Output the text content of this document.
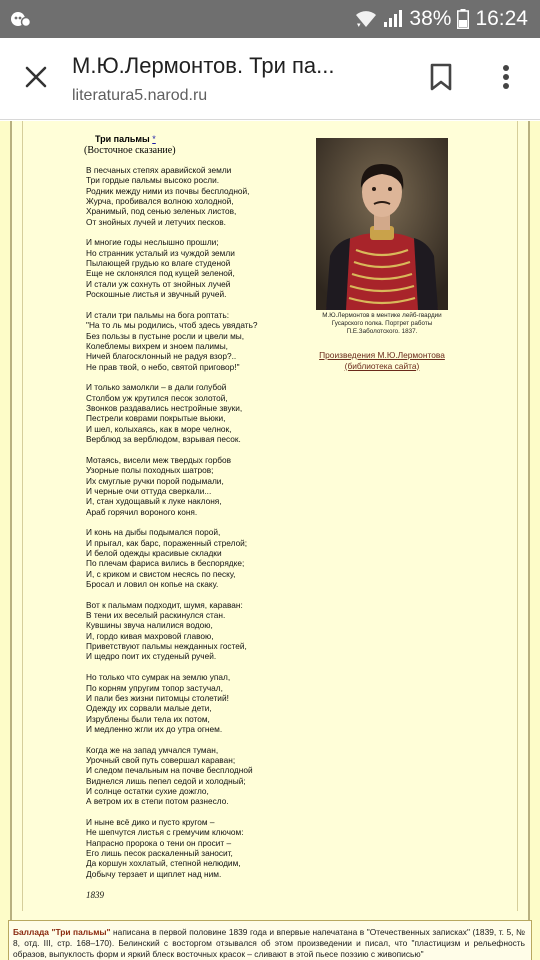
▾ 38% 16:24
М.Ю.Лермонтов. Три па...
literatura5.narod.ru
Три пальмы *
(Восточное сказание)
В песчаных степях аравийской земли
Три гордые пальмы высоко росли.
Родник между ними из почвы бесплодной,
Журча, пробивался волною холодной,
Хранимый, под сенью зеленых листов,
От знойных лучей и летучих песков.
И многие годы неслышно прошли;
Но странник усталый из чуждой земли
Пылающей грудью ко влаге студеной
Еще не склонялся под кущей зеленой,
И стали уж сохнуть от знойных лучей
Роскошные листья и звучный ручей.
И стали три пальмы на бога роптать:
"На то ль мы родились, чтоб здесь увядать?
Без пользы в пустыне росли и цвели мы,
Колеблемы вихрем и зноем палимы,
Ничей благосклонный не радуя взор?..
Не прав твой, о небо, святой приговор!"
И только замолкли – в дали голубой
Столбом уж крутился песок золотой,
Звонков раздавались нестройные звуки,
Пестрели коврами покрытые вьюки,
И шел, колыхаясь, как в море челнок,
Верблюд за верблюдом, взрывая песок.
Мотаясь, висели меж твердых горбов
Узорные полы походных шатров;
Их смуглые ручки порой подымали,
И черные очи оттуда сверкали...
И, стан худощавый к луке наклоня,
Араб горячил вороного коня.
И конь на дыбы подымался порой,
И прыгал, как барс, пораженный стрелой;
И белой одежды красивые складки
По плечам фариса вились в беспорядке;
И, с криком и свистом несясь по песку,
Бросал и ловил он копье на скаку.
Вот к пальмам подходит, шумя, караван:
В тени их веселый раскинулся стан.
Кувшины звуча налилися водою,
И, гордо кивая махровой главою,
Приветствуют пальмы нежданных гостей,
И щедро поит их студеный ручей.
Но только что сумрак на землю упал,
По корням упругим топор застучал,
И пали без жизни питомцы столетий!
Одежду их сорвали малые дети,
Изрублены были тела их потом,
И медленно жгли их до утра огнем.
Когда же на запад умчался туман,
Урочный свой путь совершал караван;
И следом печальным на почве бесплодной
Виднелся лишь пепел седой и холодный;
И солнце остатки сухие дожгло,
А ветром их в степи потом разнесло.
И ныне всё дико и пусто кругом –
Не шепчутся листья с гремучим ключом:
Напрасно пророка о тени он просит –
Его лишь песок раскаленный заносит,
Да коршун хохлатый, степной нелюдим,
Добычу терзает и щиплет над ним.
1839
М.Ю.Лермонтов в ментике лейб-гвардии Гусарского полка. Портрет работы П.Е.Заболотского. 1837.
Произведения М.Ю.Лермонтова (библиотека сайта)
Баллада "Три пальмы" написана в первой половине 1839 года и впервые напечатана в "Отечественных записках" (1839, т. 5, № 8, отд. III, стр. 168–170). Белинский с восторгом отзывался об этом произведении и писал, что "пластицизм и рельефность образов, выпуклость форм и яркий блеск восточных красок – сливают в этой пьесе поэзию с живописью"
